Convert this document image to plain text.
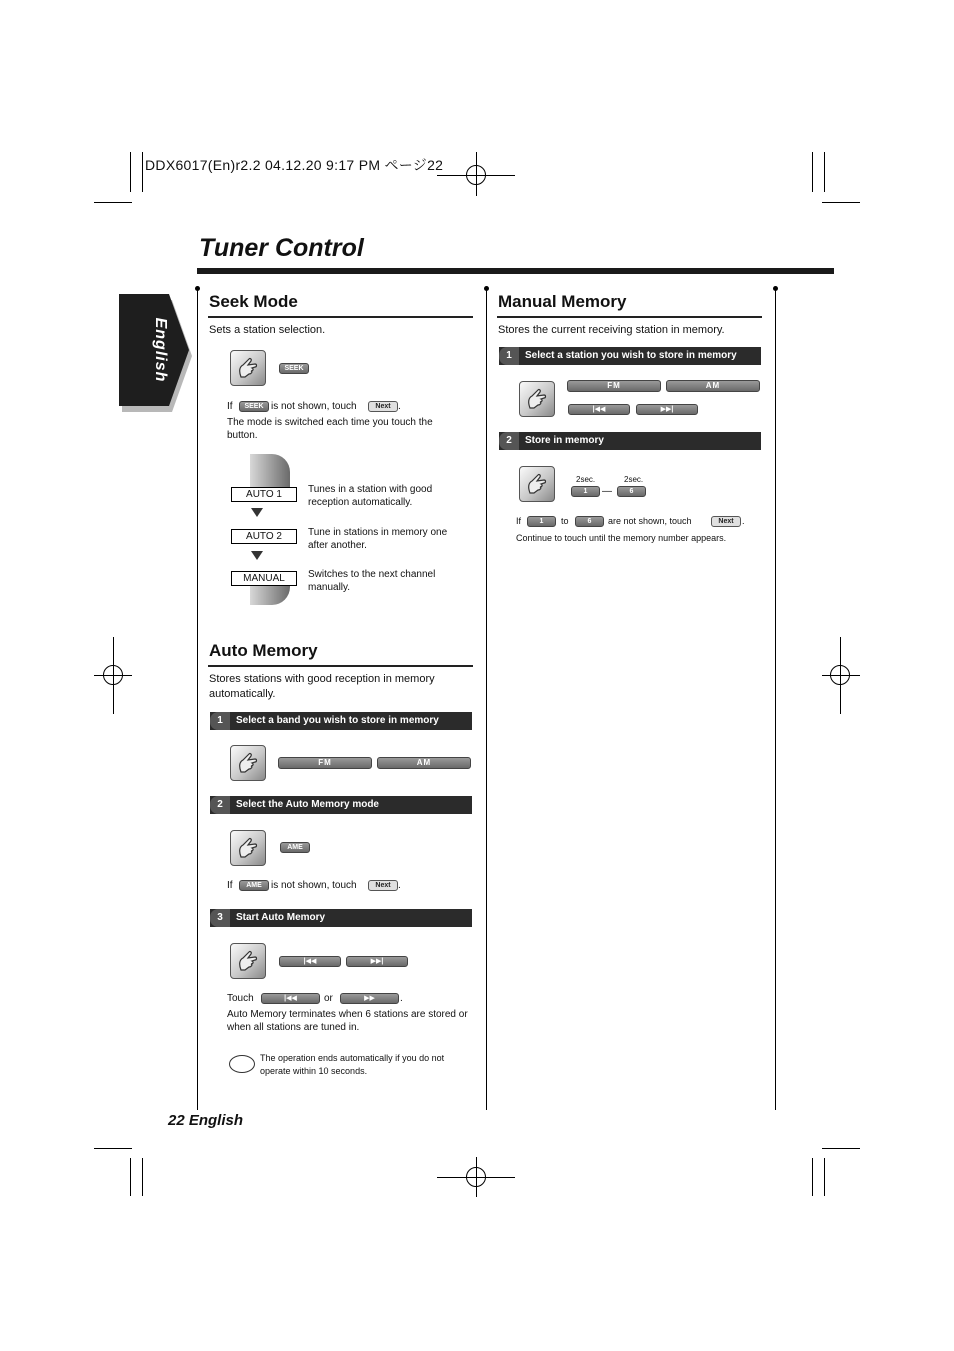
DDX6017(En)r2.2 04.12.20 9:17 PM ページ22
Tuner Control
English
Seek Mode
Sets a station selection.
SEEK
If	SEEK is not shown, touch	Next .
The mode is switched each time you touch the button.
AUTO 1
AUTO 2
MANUAL
Tunes in a station with good reception automatically.
Tune in stations in memory one after another.
Switches to the next channel manually.
Auto Memory
Stores stations with good reception in memory automatically.
1	Select a band you wish to store in memory
FM	AM
2	Select the Auto Memory mode
AME
If	AME is not shown, touch	Next .
3	Start Auto Memory
|◀◀	▶▶|
Touch	|◀◀	or	▶▶	.
Auto Memory terminates when 6 stations are stored or when all stations are tuned in.
The operation ends automatically if you do not operate within 10 seconds.
Manual Memory
Stores the current receiving station in memory.
1	Select a station you wish to store in memory
FM	AM
|◀◀	▶▶|
2	Store in memory
2sec.	2sec.
1	—	6
If	1	to	6	are not shown, touch	Next .
Continue to touch until the memory number appears.
22 English
